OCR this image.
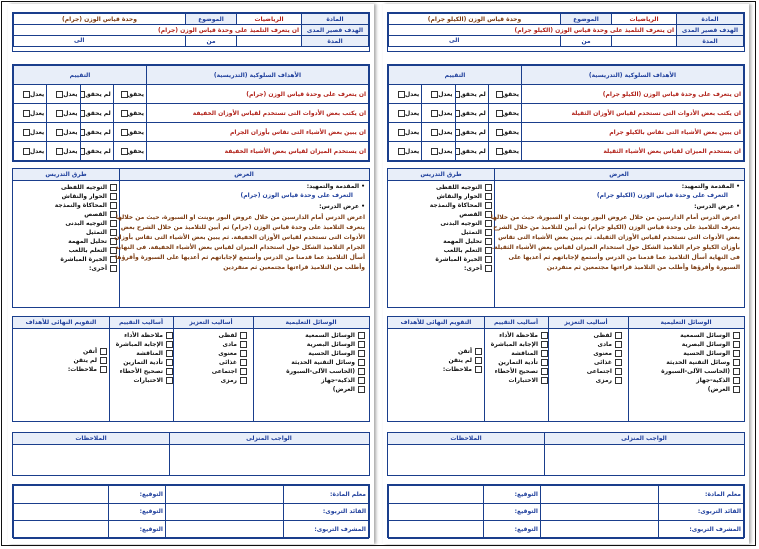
المادة	الرياضيات	الموضوع	وحدة قياس الوزن (جرام)
الهدف قصير المدى	ان يتعرف التلميذ على وحدة قياس الوزن (جرام)		
المدة		من	الى
الأهداف السلوكية (التدريسية)	التقييم			
ان يتعرف على وحدة قياس الوزن (جرام)	يحقق	لم يحقق	يعدل	يعدل
ان يكتب بعض الأدوات التى تستخدم لقياس الأوزان الخفيفة	يحقق	لم يحقق	يعدل	يعدل
ان يبين بعض الأشياء التى تقاس بأوزان الجرام	يحقق	لم يحقق	يعدل	يعدل
ان يستخدم الميزان لقياس بعض الأشياء الخفيفة	يحقق	لم يحقق	يعدل	يعدل
العرض
طرق التدريس
التوجيه اللفظى
الحوار والنقاش
المحاكاة والنمذجة
القصص
التوجيه البدنى
التمثيل
تحليل المهمة
التعلم باللعب
الخبرة المباشرة
أخرى:
• المقدمة والتمهيد:
التعرف على وحدة قياس الوزن (جرام)
• عرض الدرس:
اعرض الدرس أمام الدارسين من خلال عروض البور بوينت او السبورة، حيث من خلالها
يتعرف التلاميذ على وحدة قياس الوزن (جرام) ثم أبين للتلاميذ من خلال الشرح بعض
الأدوات التى تستخدم لقياس الأوزان الخفيفة. ثم يبين بعض الأشياء التى تقاس بأوزان
الجرام التلاميذ الشكل حول استخدام الميزان لقياس بعض الأشياء الخفيفة. فى النهاية
أسأل التلاميذ عما قدمنا من الدرس وأستمع لإجاباتهم ثم أعديها على السبورة وأقرؤها
وأطلب من التلاميذ قراءتها مجتمعين ثم منفردين
الوسائل التعليمية
أساليب التعزيز
أساليب التقييم
التقويم النهائى للأهداف
الوسائل السمعية
الوسائل البصرية
الوسائل الحسية
وسائل التقنية الحديثة
(الحاسب الآلى-السبورة
الذكية-جهاز
العرض)
لفظى
مادى
معنوى
غذائى
اجتماعى
رمزى
ملاحظة الأداء
الإجابة المباشرة
المناقشة
تأدية التمارين
تصحيح الأخطاء
الاختبارات
أتقن
لم يتقن
ملاحظات:
الواجب المنزلى
الملاحظات
معلم المادة:		التوقيع:	
القائد التربوى:		التوقيع:	
المشرف التربوى:		التوقيع:	
المادة	الرياضيات	الموضوع	وحدة قياس الوزن (الكيلو جرام)
الهدف قصير المدى	ان يتعرف التلميذ على وحدة قياس الوزن (الكيلو جرام)		
المدة		من	الى
الأهداف السلوكية (التدريسية)	التقييم			
ان يتعرف على وحدة قياس الوزن (الكيلو جرام)	يحقق	لم يحقق	يعدل	يعدل
ان يكتب بعض الأدوات التى تستخدم لقياس الأوزان الثقيلة	يحقق	لم يحقق	يعدل	يعدل
ان يبين بعض الأشياء التى تقاس بالكيلو جرام	يحقق	لم يحقق	يعدل	يعدل
ان يستخدم الميزان لقياس بعض الأشياء الثقيلة	يحقق	لم يحقق	يعدل	يعدل
العرض
طرق التدريس
التوجيه اللفظى
الحوار والنقاش
المحاكاة والنمذجة
القصص
التوجيه البدنى
التمثيل
تحليل المهمة
التعلم باللعب
الخبرة المباشرة
أخرى:
• المقدمة والتمهيد:
التعرف على وحدة قياس الوزن (الكيلو جرام)
• عرض الدرس:
اعرض الدرس أمام الدارسين من خلال عروض البور بوينت او السبورة، حيث من خلالها
يتعرف التلاميذ على وحدة قياس الوزن (الكيلو جرام) ثم أبين للتلاميذ من خلال الشرح
بعض الأدوات التى تستخدم لقياس الأوزان الثقيلة. ثم يبين بعض الأشياء التى تقاس
بأوزان الكيلو جرام التلاميذ الشكل حول استخدام الميزان لقياس بعض الأشياء الثقيلة.
فى النهاية أسأل التلاميذ عما قدمنا من الدرس وأستمع لإجاباتهم ثم أعديها على
السبورة وأقرؤها وأطلب من التلاميذ قراءتها مجتمعين ثم منفردين
الوسائل التعليمية
أساليب التعزيز
أساليب التقييم
التقويم النهائى للأهداف
الوسائل السمعية
الوسائل البصرية
الوسائل الحسية
وسائل التقنية الحديثة
(الحاسب الآلى-السبورة
الذكية-جهاز
العرض)
لفظى
مادى
معنوى
غذائى
اجتماعى
رمزى
ملاحظة الأداء
الإجابة المباشرة
المناقشة
تأدية التمارين
تصحيح الأخطاء
الاختبارات
أتقن
لم يتقن
ملاحظات:
الواجب المنزلى
الملاحظات
معلم المادة:		التوقيع:	
القائد التربوى:		التوقيع:	
المشرف التربوى:		التوقيع:	
